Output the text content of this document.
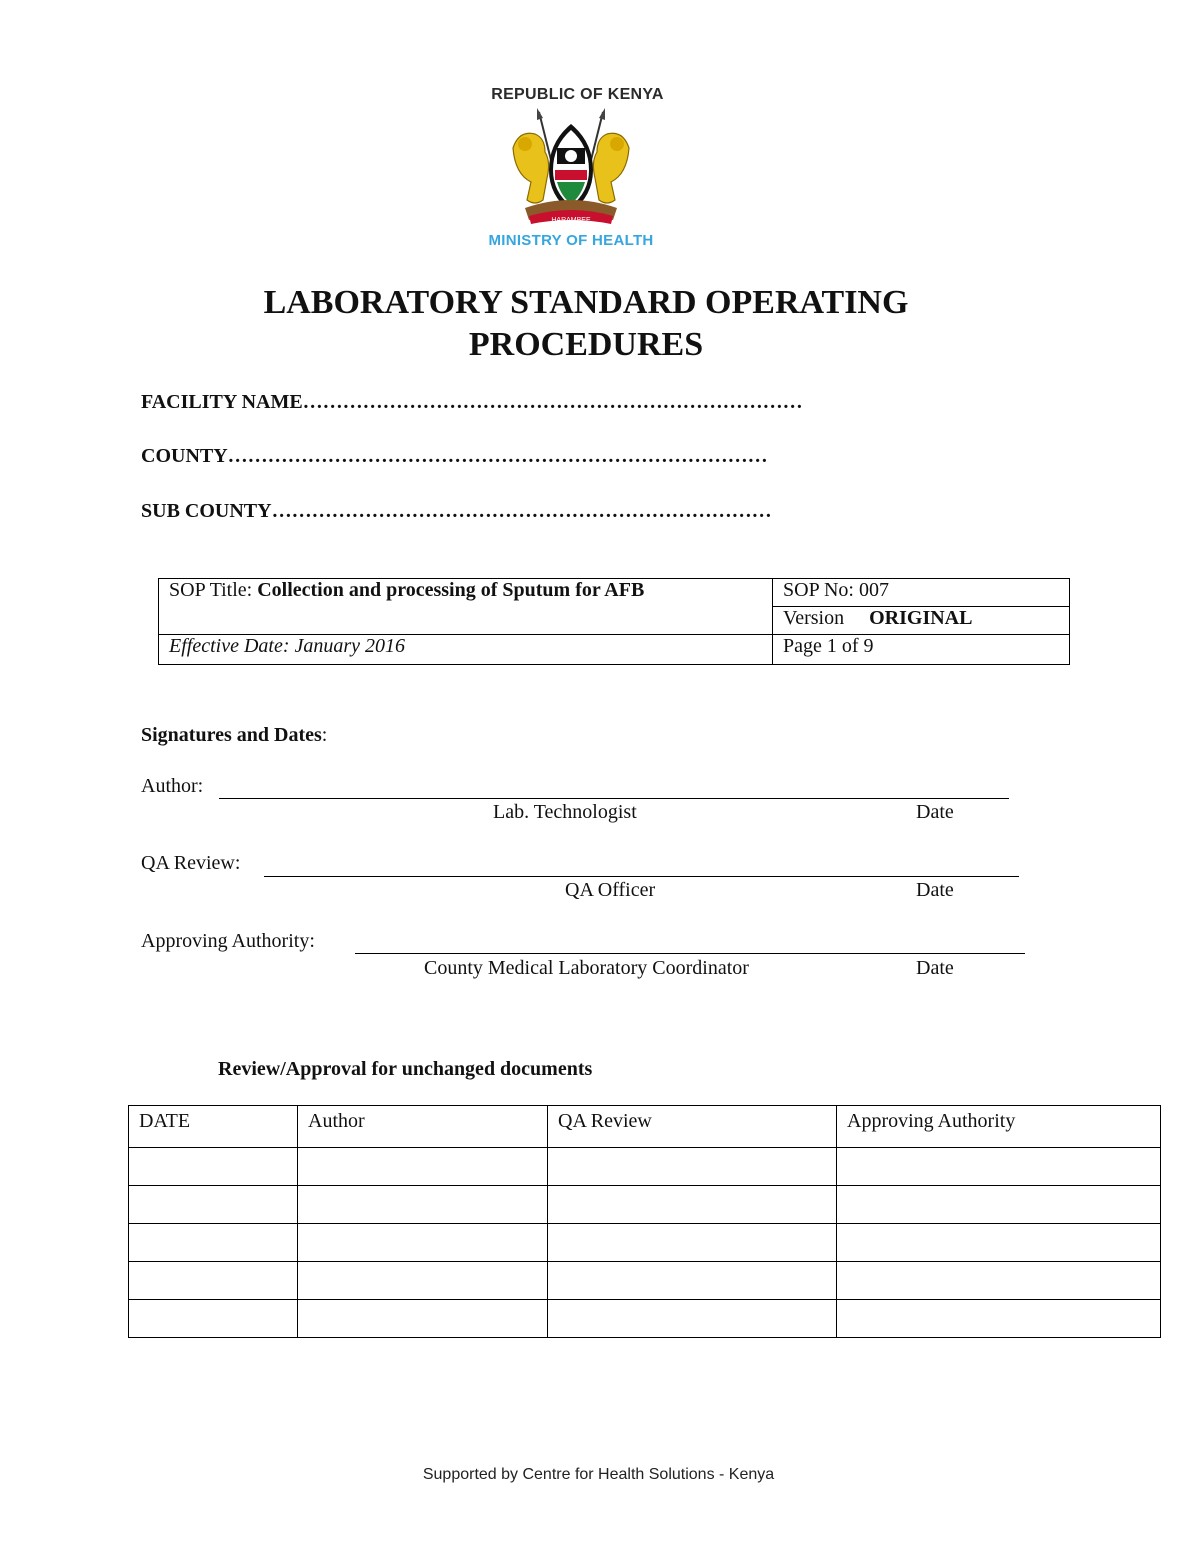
REPUBLIC OF KENYA
HARAMBEE
MINISTRY OF HEALTH
LABORATORY STANDARD OPERATING
PROCEDURES
FACILITY NAME…………………………………………………………………
COUNTY………………………………………………………………………
SUB COUNTY…………………………………………………………………
SOP Title: Collection and processing of Sputum for AFB	SOP No: 007
	Version ORIGINAL
Effective Date: January 2016	Page 1 of 9
Signatures and Dates:
Author:
Lab. Technologist	Date
QA Review:
QA Officer	Date
Approving Authority:
County Medical Laboratory Coordinator	Date
Review/Approval for unchanged documents
DATE	Author	QA Review	Approving Authority

Supported by Centre for Health Solutions - Kenya
